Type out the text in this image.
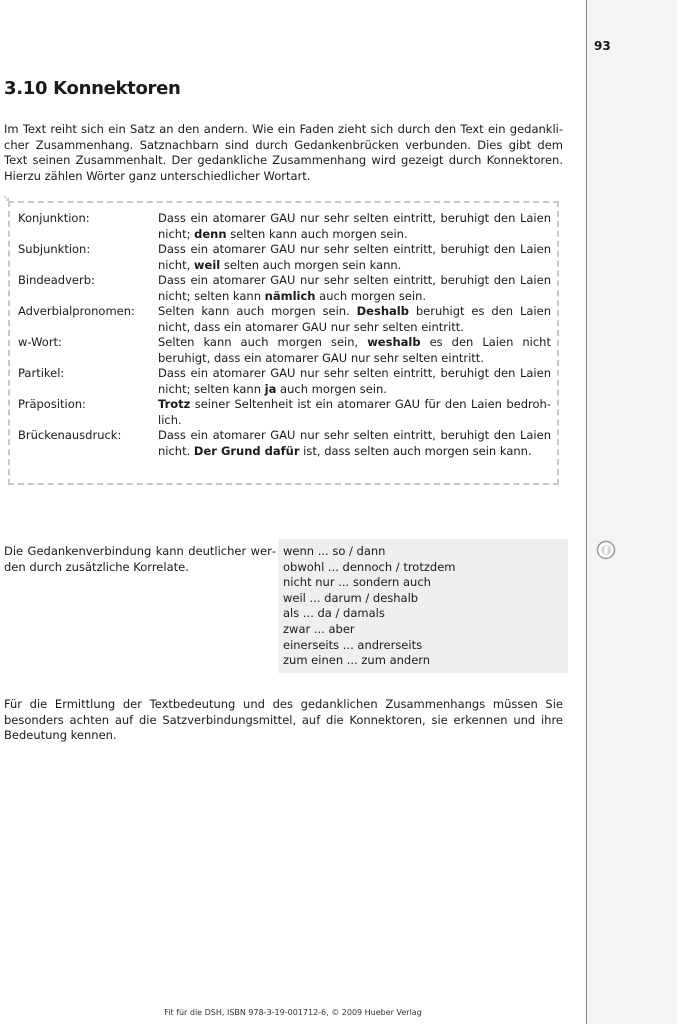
93
3.10 Konnektoren

Im Text reiht sich ein Satz an den andern. Wie ein Faden zieht sich durch den Text ein gedanklicher Zusammenhang. Satznachbarn sind durch Gedankenbrücken verbunden. Dies gibt dem Text seinen Zusammenhalt. Der gedankliche Zusammenhang wird gezeigt durch Konnektoren. Hierzu zählen Wörter ganz unterschiedlicher Wortart.

↘
Konjunktion:	Dass ein atomarer GAU nur sehr selten eintritt, beruhigt den Laien nicht; denn selten kann auch morgen sein.
Subjunktion:	Dass ein atomarer GAU nur sehr selten eintritt, beruhigt den Laien nicht, weil selten auch morgen sein kann.
Bindeadverb:	Dass ein atomarer GAU nur sehr selten eintritt, beruhigt den Laien nicht; selten kann nämlich auch morgen sein.
Adverbialpronomen:	Selten kann auch morgen sein. Deshalb beruhigt es den Laien nicht, dass ein atomarer GAU nur sehr selten eintritt.
w-Wort:	Selten kann auch morgen sein, weshalb es den Laien nicht beruhigt, dass ein atomarer GAU nur sehr selten eintritt.
Partikel:	Dass ein atomarer GAU nur sehr selten eintritt, beruhigt den Laien nicht; selten kann ja auch morgen sein.
Präposition:	Trotz seiner Seltenheit ist ein atomarer GAU für den Laien bedrohlich.
Brückenausdruck:	Dass ein atomarer GAU nur sehr selten eintritt, beruhigt den Laien nicht. Der Grund dafür ist, dass selten auch morgen sein kann.

Die Gedankenverbindung kann deutlicher werden durch zusätzliche Korrelate.

wenn ... so / dann
obwohl ... dennoch / trotzdem
nicht nur ... sondern auch
weil ... darum / deshalb
als ... da / damals
zwar ... aber
einerseits ... andrerseits
zum einen ... zum andern

Für die Ermittlung der Textbedeutung und des gedanklichen Zusammenhangs müssen Sie besonders achten auf die Satzverbindungsmittel, auf die Konnektoren, sie erkennen und ihre Bedeutung kennen.

Fit für die DSH, ISBN 978-3-19-001712-6, © 2009 Hueber Verlag
